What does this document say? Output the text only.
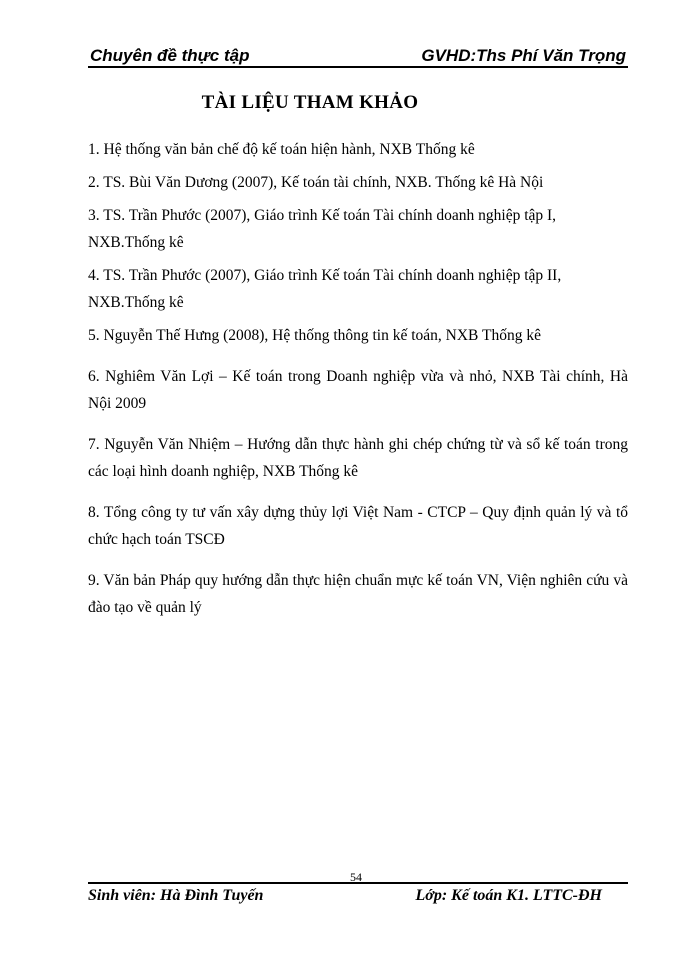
Chuyên đề thực tập	GVHD:Ths Phí Văn Trọng
TÀI LIỆU THAM KHẢO

1. Hệ thống văn bản chế độ kế toán hiện hành, NXB Thống kê

2. TS. Bùi Văn Dương (2007), Kế toán tài chính, NXB. Thống kê Hà Nội

3. TS. Trần Phước (2007), Giáo trình Kế toán Tài chính doanh nghiệp tập I, NXB.Thống kê

4. TS. Trần Phước (2007), Giáo trình Kế toán Tài chính doanh nghiệp tập II, NXB.Thống kê

5. Nguyễn Thế Hưng (2008), Hệ thống thông tin kế toán, NXB Thống kê

6. Nghiêm Văn Lợi – Kế toán trong Doanh nghiệp vừa và nhỏ, NXB Tài chính, Hà Nội 2009

7. Nguyễn Văn Nhiệm – Hướng dẫn thực hành ghi chép chứng từ và sổ kế toán trong các loại hình doanh nghiệp, NXB Thống kê

8. Tổng công ty tư vấn xây dựng thủy lợi Việt Nam - CTCP – Quy định quản lý và tổ chức hạch toán TSCĐ

9. Văn bản Pháp quy hướng dẫn thực hiện chuẩn mực kế toán VN, Viện nghiên cứu và đào tạo về quản lý

Sinh viên: Hà Đình Tuyến
54
Lớp: Kế toán K1. LTTC-ĐH
